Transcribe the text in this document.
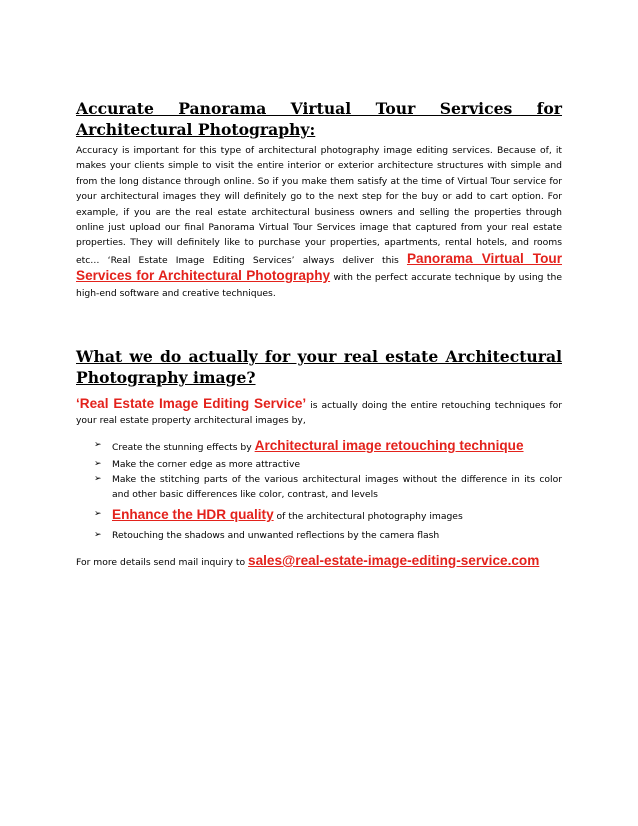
Accurate Panorama Virtual Tour Services for Architectural Photography:

Accuracy is important for this type of architectural photography image editing services. Because of, it makes your clients simple to visit the entire interior or exterior architecture structures with simple and from the long distance through online. So if you make them satisfy at the time of Virtual Tour service for your architectural images they will definitely go to the next step for the buy or add to cart option. For example, if you are the real estate architectural business owners and selling the properties through online just upload our final Panorama Virtual Tour Services image that captured from your real estate properties. They will definitely like to purchase your properties, apartments, rental hotels, and rooms etc… ‘Real Estate Image Editing Services’ always deliver this Panorama Virtual Tour Services for Architectural Photography with the perfect accurate technique by using the high-end software and creative techniques.

What we do actually for your real estate Architectural Photography image?

‘Real Estate Image Editing Service’ is actually doing the entire retouching techniques for your real estate property architectural images by,

➢ Create the stunning effects by Architectural image retouching technique
➢ Make the corner edge as more attractive
➢ Make the stitching parts of the various architectural images without the difference in its color and other basic differences like color, contrast, and levels
➢ Enhance the HDR quality of the architectural photography images
➢ Retouching the shadows and unwanted reflections by the camera flash

For more details send mail inquiry to sales@real-estate-image-editing-service.com
